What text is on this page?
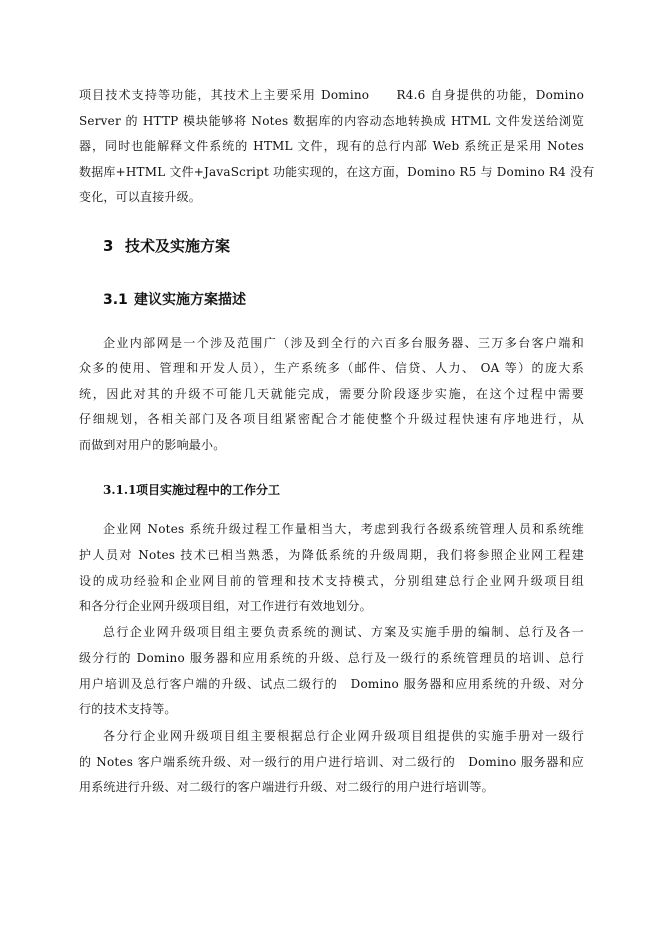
项目技术支持等功能，其技术上主要采用 Domino　　R4.6 自身提供的功能，Domino
Server 的 HTTP 模块能够将 Notes 数据库的内容动态地转换成 HTML 文件发送给浏览
器，同时也能解释文件系统的 HTML 文件，现有的总行内部 Web 系统正是采用 Notes
数据库+HTML 文件+JavaScript 功能实现的，在这方面，Domino R5 与 Domino R4 没有
变化，可以直接升级。
3 技术及实施方案
3.1 建议实施方案描述
企业内部网是一个涉及范围广（涉及到全行的六百多台服务器、三万多台客户端和
众多的使用、管理和开发人员），生产系统多（邮件、信贷、人力、 OA 等）的庞大系
统，因此对其的升级不可能几天就能完成，需要分阶段逐步实施，在这个过程中需要
仔细规划，各相关部门及各项目组紧密配合才能使整个升级过程快速有序地进行，从
而做到对用户的影响最小。
3.1.1项目实施过程中的工作分工
企业网 Notes 系统升级过程工作量相当大，考虑到我行各级系统管理人员和系统维
护人员对 Notes 技术已相当熟悉，为降低系统的升级周期，我们将参照企业网工程建
设的成功经验和企业网目前的管理和技术支持模式，分别组建总行企业网升级项目组
和各分行企业网升级项目组，对工作进行有效地划分。
总行企业网升级项目组主要负责系统的测试、方案及实施手册的编制、总行及各一
级分行的 Domino 服务器和应用系统的升级、总行及一级行的系统管理员的培训、总行
用户培训及总行客户端的升级、试点二级行的　Domino 服务器和应用系统的升级、对分
行的技术支持等。
各分行企业网升级项目组主要根据总行企业网升级项目组提供的实施手册对一级行
的 Notes 客户端系统升级、对一级行的用户进行培训、对二级行的　Domino 服务器和应
用系统进行升级、对二级行的客户端进行升级、对二级行的用户进行培训等。
